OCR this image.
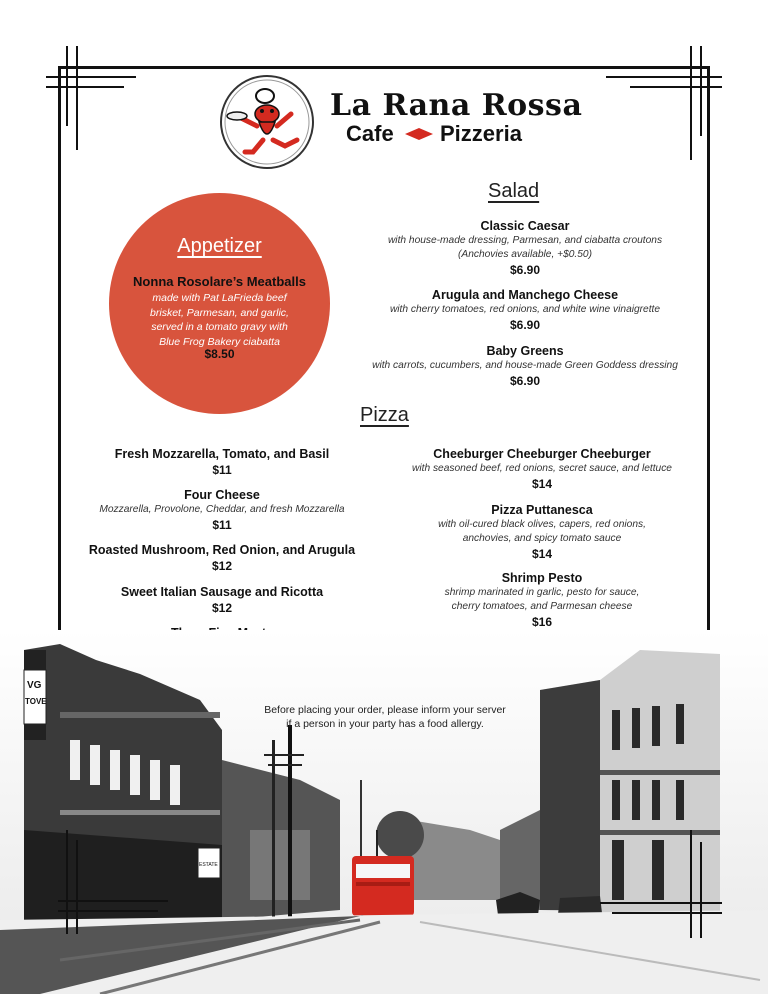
La Rana Rossa
Cafe Pizzeria
Salad
Classic Caesar
with house-made dressing, Parmesan, and ciabatta croutons
(Anchovies available, +$0.50)
$6.90
Arugula and Manchego Cheese
with cherry tomatoes, red onions, and white wine vinaigrette
$6.90
Baby Greens
with carrots, cucumbers, and house-made Green Goddess dressing
$6.90
Appetizer
Nonna Rosolare’s Meatballs
made with Pat LaFrieda beef
brisket, Parmesan, and garlic,
served in a tomato gravy with
Blue Frog Bakery ciabatta
$8.50
Pizza
Fresh Mozzarella, Tomato, and Basil
$11
Four Cheese
Mozzarella, Provolone, Cheddar, and fresh Mozzarella
$11
Roasted Mushroom, Red Onion, and Arugula
$12
Sweet Italian Sausage and Ricotta
$12
Cheeburger Cheeburger Cheeburger
with seasoned beef, red onions, secret sauce, and lettuce
$14
Pizza Puttanesca
with oil-cured black olives, capers, red onions,
anchovies, and spicy tomato sauce
$14
Shrimp Pesto
shrimp marinated in garlic, pesto for sauce,
cherry tomatoes, and Parmesan cheese
$16
VG
TOVE
ESTATE
Before placing your order, please inform your server
if a person in your party has a food allergy.
